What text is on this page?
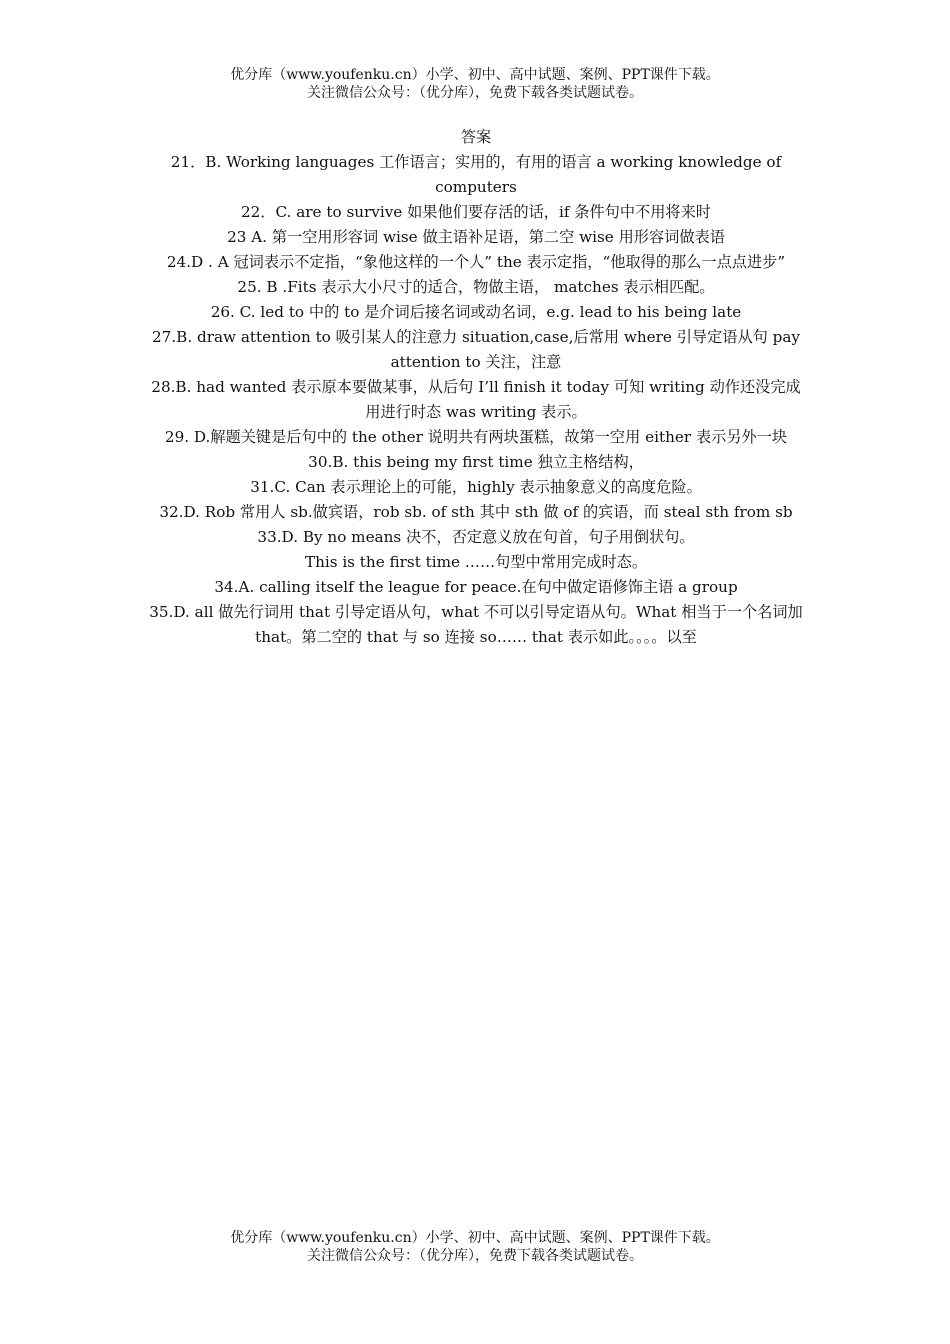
优分库（www.youfenku.cn）小学、初中、高中试题、案例、PPT课件下载。
关注微信公众号：（优分库），免费下载各类试题试卷。
答案
21．B. Working languages 工作语言；实用的，有用的语言 a working knowledge of computers
22．C. are to survive 如果他们要存活的话，if 条件句中不用将来时
23 A. 第一空用形容词 wise 做主语补足语，第二空 wise 用形容词做表语
24.D . A 冠词表示不定指，“象他这样的一个人” the 表示定指，“他取得的那么一点点进步”
25. B .Fits 表示大小尺寸的适合，物做主语， matches 表示相匹配。
26. C. led to 中的 to 是介词后接名词或动名词，e.g. lead to his being late
27.B. draw attention to 吸引某人的注意力 situation,case,后常用 where 引导定语从句 pay attention to 关注，注意
28.B. had wanted 表示原本要做某事，从后句 I’ll finish it today 可知 writing 动作还没完成用进行时态 was writing 表示。
29. D.解题关键是后句中的 the other 说明共有两块蛋糕，故第一空用 either 表示另外一块
30.B. this being my first time 独立主格结构，
31.C. Can 表示理论上的可能，highly 表示抽象意义的高度危险。
32.D. Rob 常用人 sb.做宾语，rob sb. of sth 其中 sth 做 of 的宾语，而 steal sth from sb
33.D. By no means 决不，否定意义放在句首，句子用倒状句。
This is the first time ……句型中常用完成时态。
34.A. calling itself the league for peace.在句中做定语修饰主语 a group
35.D. all 做先行词用 that 引导定语从句，what 不可以引导定语从句。What 相当于一个名词加 that。第二空的 that 与 so 连接 so…… that 表示如此。。。。以至
优分库（www.youfenku.cn）小学、初中、高中试题、案例、PPT课件下载。
关注微信公众号：（优分库），免费下载各类试题试卷。
